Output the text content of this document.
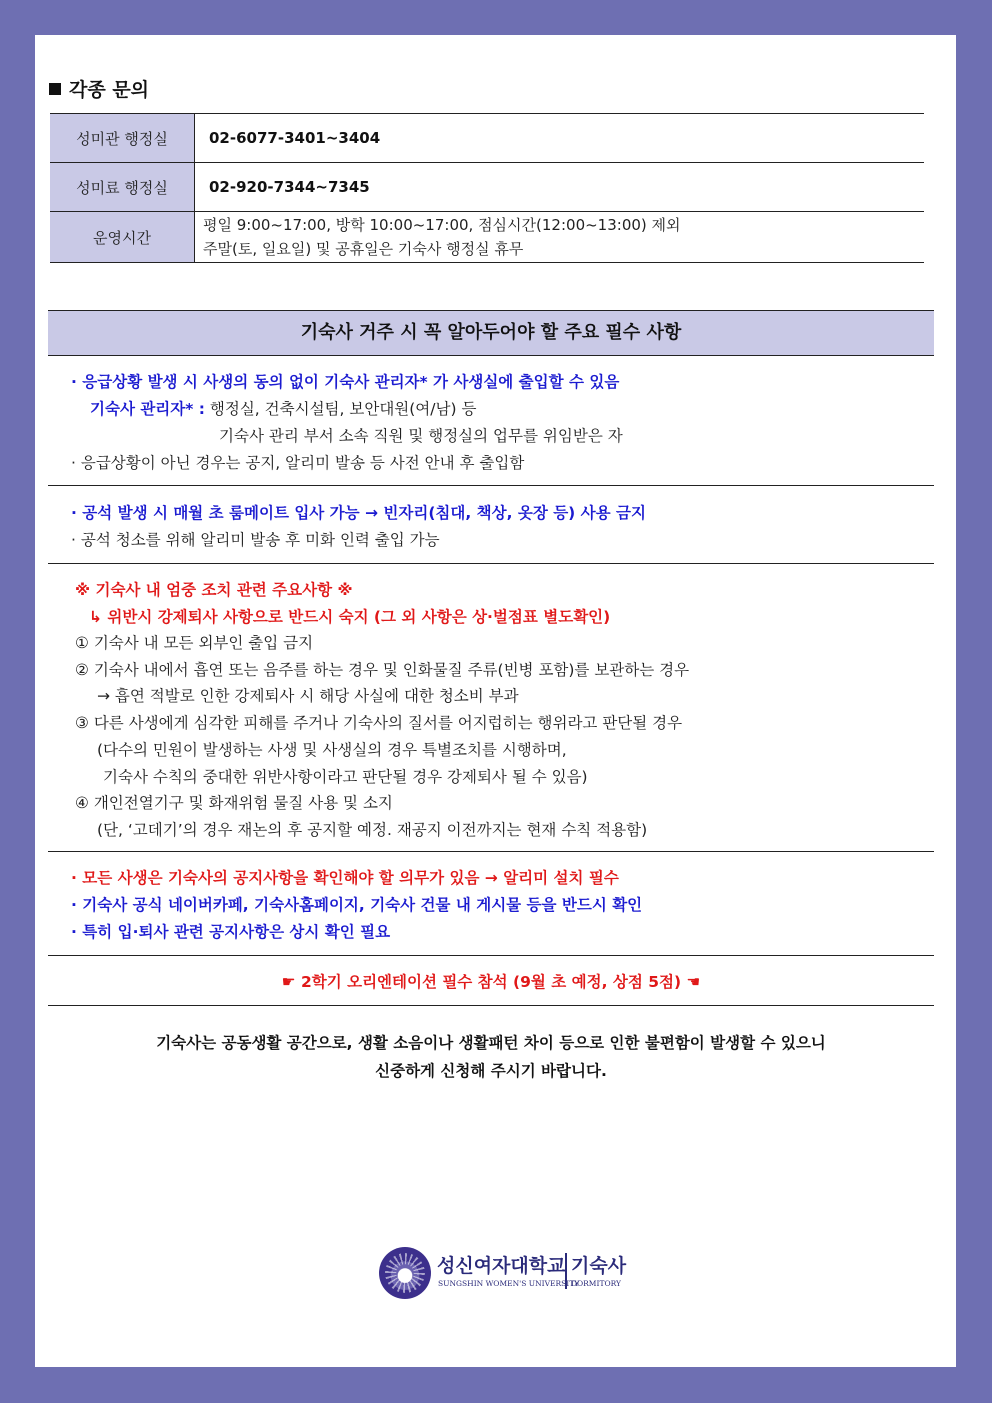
각종 문의
성미관 행정실	02-6077-3401~3404
성미료 행정실	02-920-7344~7345
운영시간	평일 9:00~17:00, 방학 10:00~17:00, 점심시간(12:00~13:00) 제외
주말(토, 일요일) 및 공휴일은 기숙사 행정실 휴무
기숙사 거주 시 꼭 알아두어야 할 주요 필수 사항
· 응급상황 발생 시 사생의 동의 없이 기숙사 관리자* 가 사생실에 출입할 수 있음
기숙사 관리자* : 행정실, 건축시설팀, 보안대원(여/남) 등
기숙사 관리 부서 소속 직원 및 행정실의 업무를 위임받은 자
· 응급상황이 아닌 경우는 공지, 알리미 발송 등 사전 안내 후 출입함
· 공석 발생 시 매월 초 룸메이트 입사 가능 → 빈자리(침대, 책상, 옷장 등) 사용 금지
· 공석 청소를 위해 알리미 발송 후 미화 인력 출입 가능
※ 기숙사 내 엄중 조치 관련 주요사항 ※
↳ 위반시 강제퇴사 사항으로 반드시 숙지 (그 외 사항은 상·벌점표 별도확인)
① 기숙사 내 모든 외부인 출입 금지
② 기숙사 내에서 흡연 또는 음주를 하는 경우 및 인화물질 주류(빈병 포함)를 보관하는 경우
→ 흡연 적발로 인한 강제퇴사 시 해당 사실에 대한 청소비 부과
③ 다른 사생에게 심각한 피해를 주거나 기숙사의 질서를 어지럽히는 행위라고 판단될 경우
(다수의 민원이 발생하는 사생 및 사생실의 경우 특별조치를 시행하며,
기숙사 수칙의 중대한 위반사항이라고 판단될 경우 강제퇴사 될 수 있음)
④ 개인전열기구 및 화재위험 물질 사용 및 소지
(단, ‘고데기’의 경우 재논의 후 공지할 예정. 재공지 이전까지는 현재 수칙 적용함)
· 모든 사생은 기숙사의 공지사항을 확인해야 할 의무가 있음 → 알리미 설치 필수
· 기숙사 공식 네이버카페, 기숙사홈페이지, 기숙사 건물 내 게시물 등을 반드시 확인
· 특히 입·퇴사 관련 공지사항은 상시 확인 필요
☛ 2학기 오리엔테이션 필수 참석 (9월 초 예정, 상점 5점) ☚
기숙사는 공동생활 공간으로, 생활 소음이나 생활패턴 차이 등으로 인한 불편함이 발생할 수 있으니
신중하게 신청해 주시기 바랍니다.
성신여자대학교 기숙사
SUNGSHIN WOMEN'S UNIVERSITY
DORMITORY
